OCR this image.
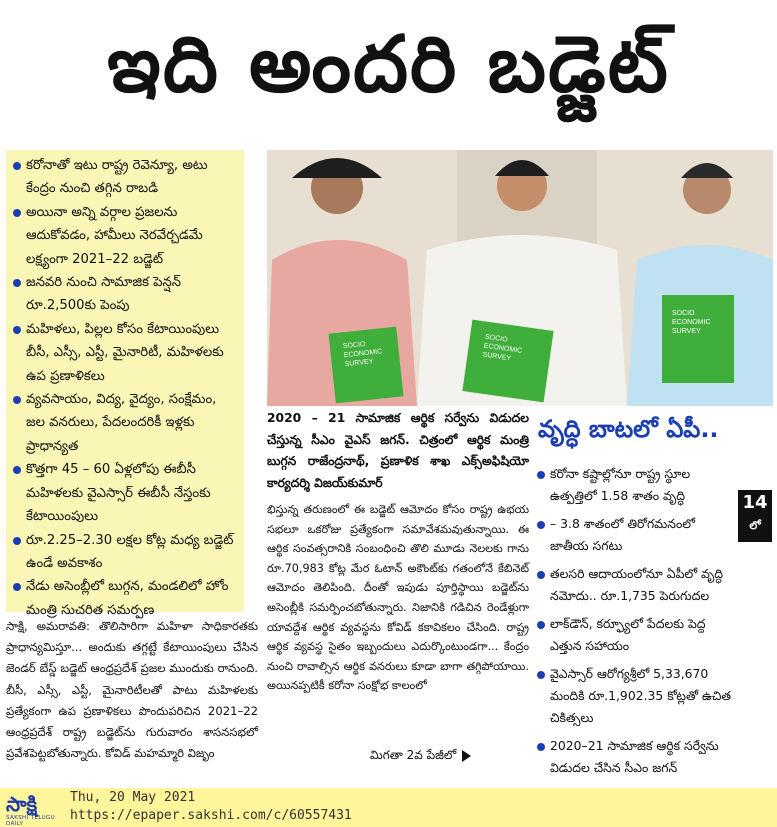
ఇది అందరి బడ్జెట్
కరోనాతో ఇటు రాష్ట్ర రెవెన్యూ, అటు కేంద్రం నుంచి తగ్గిన రాబడి
అయినా అన్ని వర్గాల ప్రజలను ఆదుకోవడం, హామీలు నెరవేర్చడమే లక్ష్యంగా 2021–22 బడ్జెట్
జనవరి నుంచి సామాజిక పెన్షన్ రూ.2,500కు పెంపు
మహిళలు, పిల్లల కోసం కేటాయింపులు బీసీ, ఎస్సీ, ఎస్టీ, మైనారిటీ, మహిళలకు ఉప ప్రణాళికలు
వ్యవసాయం, విద్య, వైద్యం, సంక్షేమం, జల వనరులు, పేదలందరికీ ఇళ్లకు ప్రాధాన్యత
కొత్తగా 45 – 60 ఏళ్లలోపు ఈబీసీ మహిళలకు వైఎస్సార్ ఈబీసీ నేస్తంకు కేటాయింపులు
రూ.2.25–2.30 లక్షల కోట్ల మధ్య బడ్జెట్ ఉండే అవకాశం
నేడు అసెంబ్లీలో బుగ్గన, మండలిలో హోం మంత్రి సుచరిత సమర్పణ
సాక్షి, అమరావతి: తొలిసారిగా మహిళా సాధికారతకు ప్రాధాన్యమిస్తూ... అందుకు తగ్గట్టే కేటాయింపులు చేసిన జెండర్ బేస్డ్ బడ్జెట్ ఆంధ్రప్రదేశ్ ప్రజల ముందుకు రానుంది. బీసీ, ఎస్సీ, ఎస్టీ, మైనారిటీలతో పాటు మహిళలకు ప్రత్యేకంగా ఉప ప్రణాళికలు పొందుపరిచిన 2021–22 ఆంధ్రప్రదేశ్ రాష్ట్ర బడ్జెట్‌ను గురువారం శాసనసభలో ప్రవేశపెట్టబోతున్నారు. కోవిడ్ మహమ్మారి విజృం
SOCIO
ECONOMIC
SURVEY
SOCIO
ECONOMIC
SURVEY
SOCIO
ECONOMIC
SURVEY
2020 – 21 సామాజిక ఆర్థిక సర్వేను విడుదల చేస్తున్న సీఎం వైఎస్ జగన్. చిత్రంలో ఆర్థిక మంత్రి బుగ్గన రాజేంద్రనాథ్, ప్రణాళిక శాఖ ఎక్స్‌అఫిషియో కార్యదర్శి విజయ్‌కుమార్
భిస్తున్న తరుణంలో ఈ బడ్జెట్ ఆమోదం కోసం రాష్ట్ర ఉభయ సభలూ ఒకరోజు ప్రత్యేకంగా సమావేశమవుతున్నాయి. ఈ ఆర్థిక సంవత్సరానికి సంబంధించి తొలి మూడు నెలలకు గాను రూ.70,983 కోట్ల మేర ఓటాన్ అకౌంట్‌కు గతంలోనే కేబినెట్ ఆమోదం తెలిపింది. దీంతో ఇపుడు పూర్తిస్థాయి బడ్జెట్‌ను అసెంబ్లీకి సమర్పించబోతున్నారు. నిజానికి గడిచిన రెండేళ్లుగా యావద్దేశ ఆర్థిక వ్యవస్థను కోవిడ్ కకావికలం చేసింది. రాష్ట్ర ఆర్థిక వ్యవస్థ సైతం ఇబ్బందులు ఎదుర్కొంటుండగా... కేంద్రం నుంచి రావాల్సిన ఆర్థిక వనరులు కూడా బాగా తగ్గిపోయాయి. అయినప్పటికీ కరోనా సంక్షోభ కాలంలో
మిగతా 2వ పేజీలో
వృద్ధి బాటలో ఏపీ..
కరోనా కష్టాల్లోనూ రాష్ట్ర స్థూల ఉత్పత్తిలో 1.58 శాతం వృద్ధి
– 3.8 శాతంలో తిరోగమనంలో జాతీయ సగటు
తలసరి ఆదాయంలోనూ ఏపీలో వృద్ధి నమోదు.. రూ.1,735 పెరుగుదల
లాక్‌డౌన్, కర్ఫ్యూలో పేదలకు పెద్ద ఎత్తున సహాయం
వైఎస్సార్ ఆరోగ్యశ్రీలో 5,33,670 మందికి రూ.1,902.35 కోట్లతో ఉచిత చికిత్సలు
2020–21 సామాజిక ఆర్థిక సర్వేను విడుదల చేసిన సీఎం జగన్
14
లో
సాక్షి
SAKSHI TELUGU DAILY
Thu, 20 May 2021
https://epaper.sakshi.com/c/60557431
